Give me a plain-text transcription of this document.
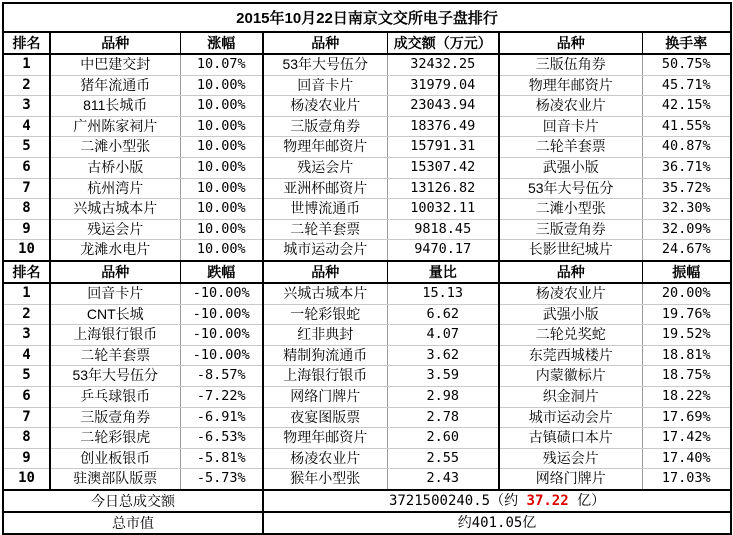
2015年10月22日南京文交所电子盘排行						
排名	品种	涨幅	品种	成交额（万元）	品种	换手率
1	中巴建交封	10.07%	53年大号伍分	32432.25	三版伍角券	50.75%
2	猪年流通币	10.00%	回音卡片	31979.04	物理年邮资片	45.71%
3	811长城币	10.00%	杨凌农业片	23043.94	杨凌农业片	42.15%
4	广州陈家祠片	10.00%	三版壹角券	18376.49	回音卡片	41.55%
5	二滩小型张	10.00%	物理年邮资片	15791.31	二轮羊套票	40.87%
6	古桥小版	10.00%	残运会片	15307.42	武强小版	36.71%
7	杭州湾片	10.00%	亚洲杯邮资片	13126.82	53年大号伍分	35.72%
8	兴城古城本片	10.00%	世博流通币	10032.11	二滩小型张	32.30%
9	残运会片	10.00%	二轮羊套票	9818.45	三版壹角券	32.09%
10	龙滩水电片	10.00%	城市运动会片	9470.17	长影世纪城片	24.67%
排名	品种	跌幅	品种	量比	品种	振幅
1	回音卡片	-10.00%	兴城古城本片	15.13	杨凌农业片	20.00%
2	CNT长城	-10.00%	一轮彩银蛇	6.62	武强小版	19.76%
3	上海银行银币	-10.00%	红非典封	4.07	二轮兑奖蛇	19.52%
4	二轮羊套票	-10.00%	精制狗流通币	3.62	东莞西城楼片	18.81%
5	53年大号伍分	-8.57%	上海银行银币	3.59	内蒙徽标片	18.75%
6	乒乓球银币	-7.22%	网络门牌片	2.98	织金洞片	18.22%
7	三版壹角券	-6.91%	夜宴图版票	2.78	城市运动会片	17.69%
8	二轮彩银虎	-6.53%	物理年邮资片	2.60	古镇碛口本片	17.42%
9	创业板银币	-5.81%	杨凌农业片	2.55	残运会片	17.40%
10	驻澳部队版票	-5.73%	猴年小型张	2.43	网络门牌片	17.03%
今日总成交额			3721500240.5（约 37.22 亿）			
总市值			约401.05亿			
